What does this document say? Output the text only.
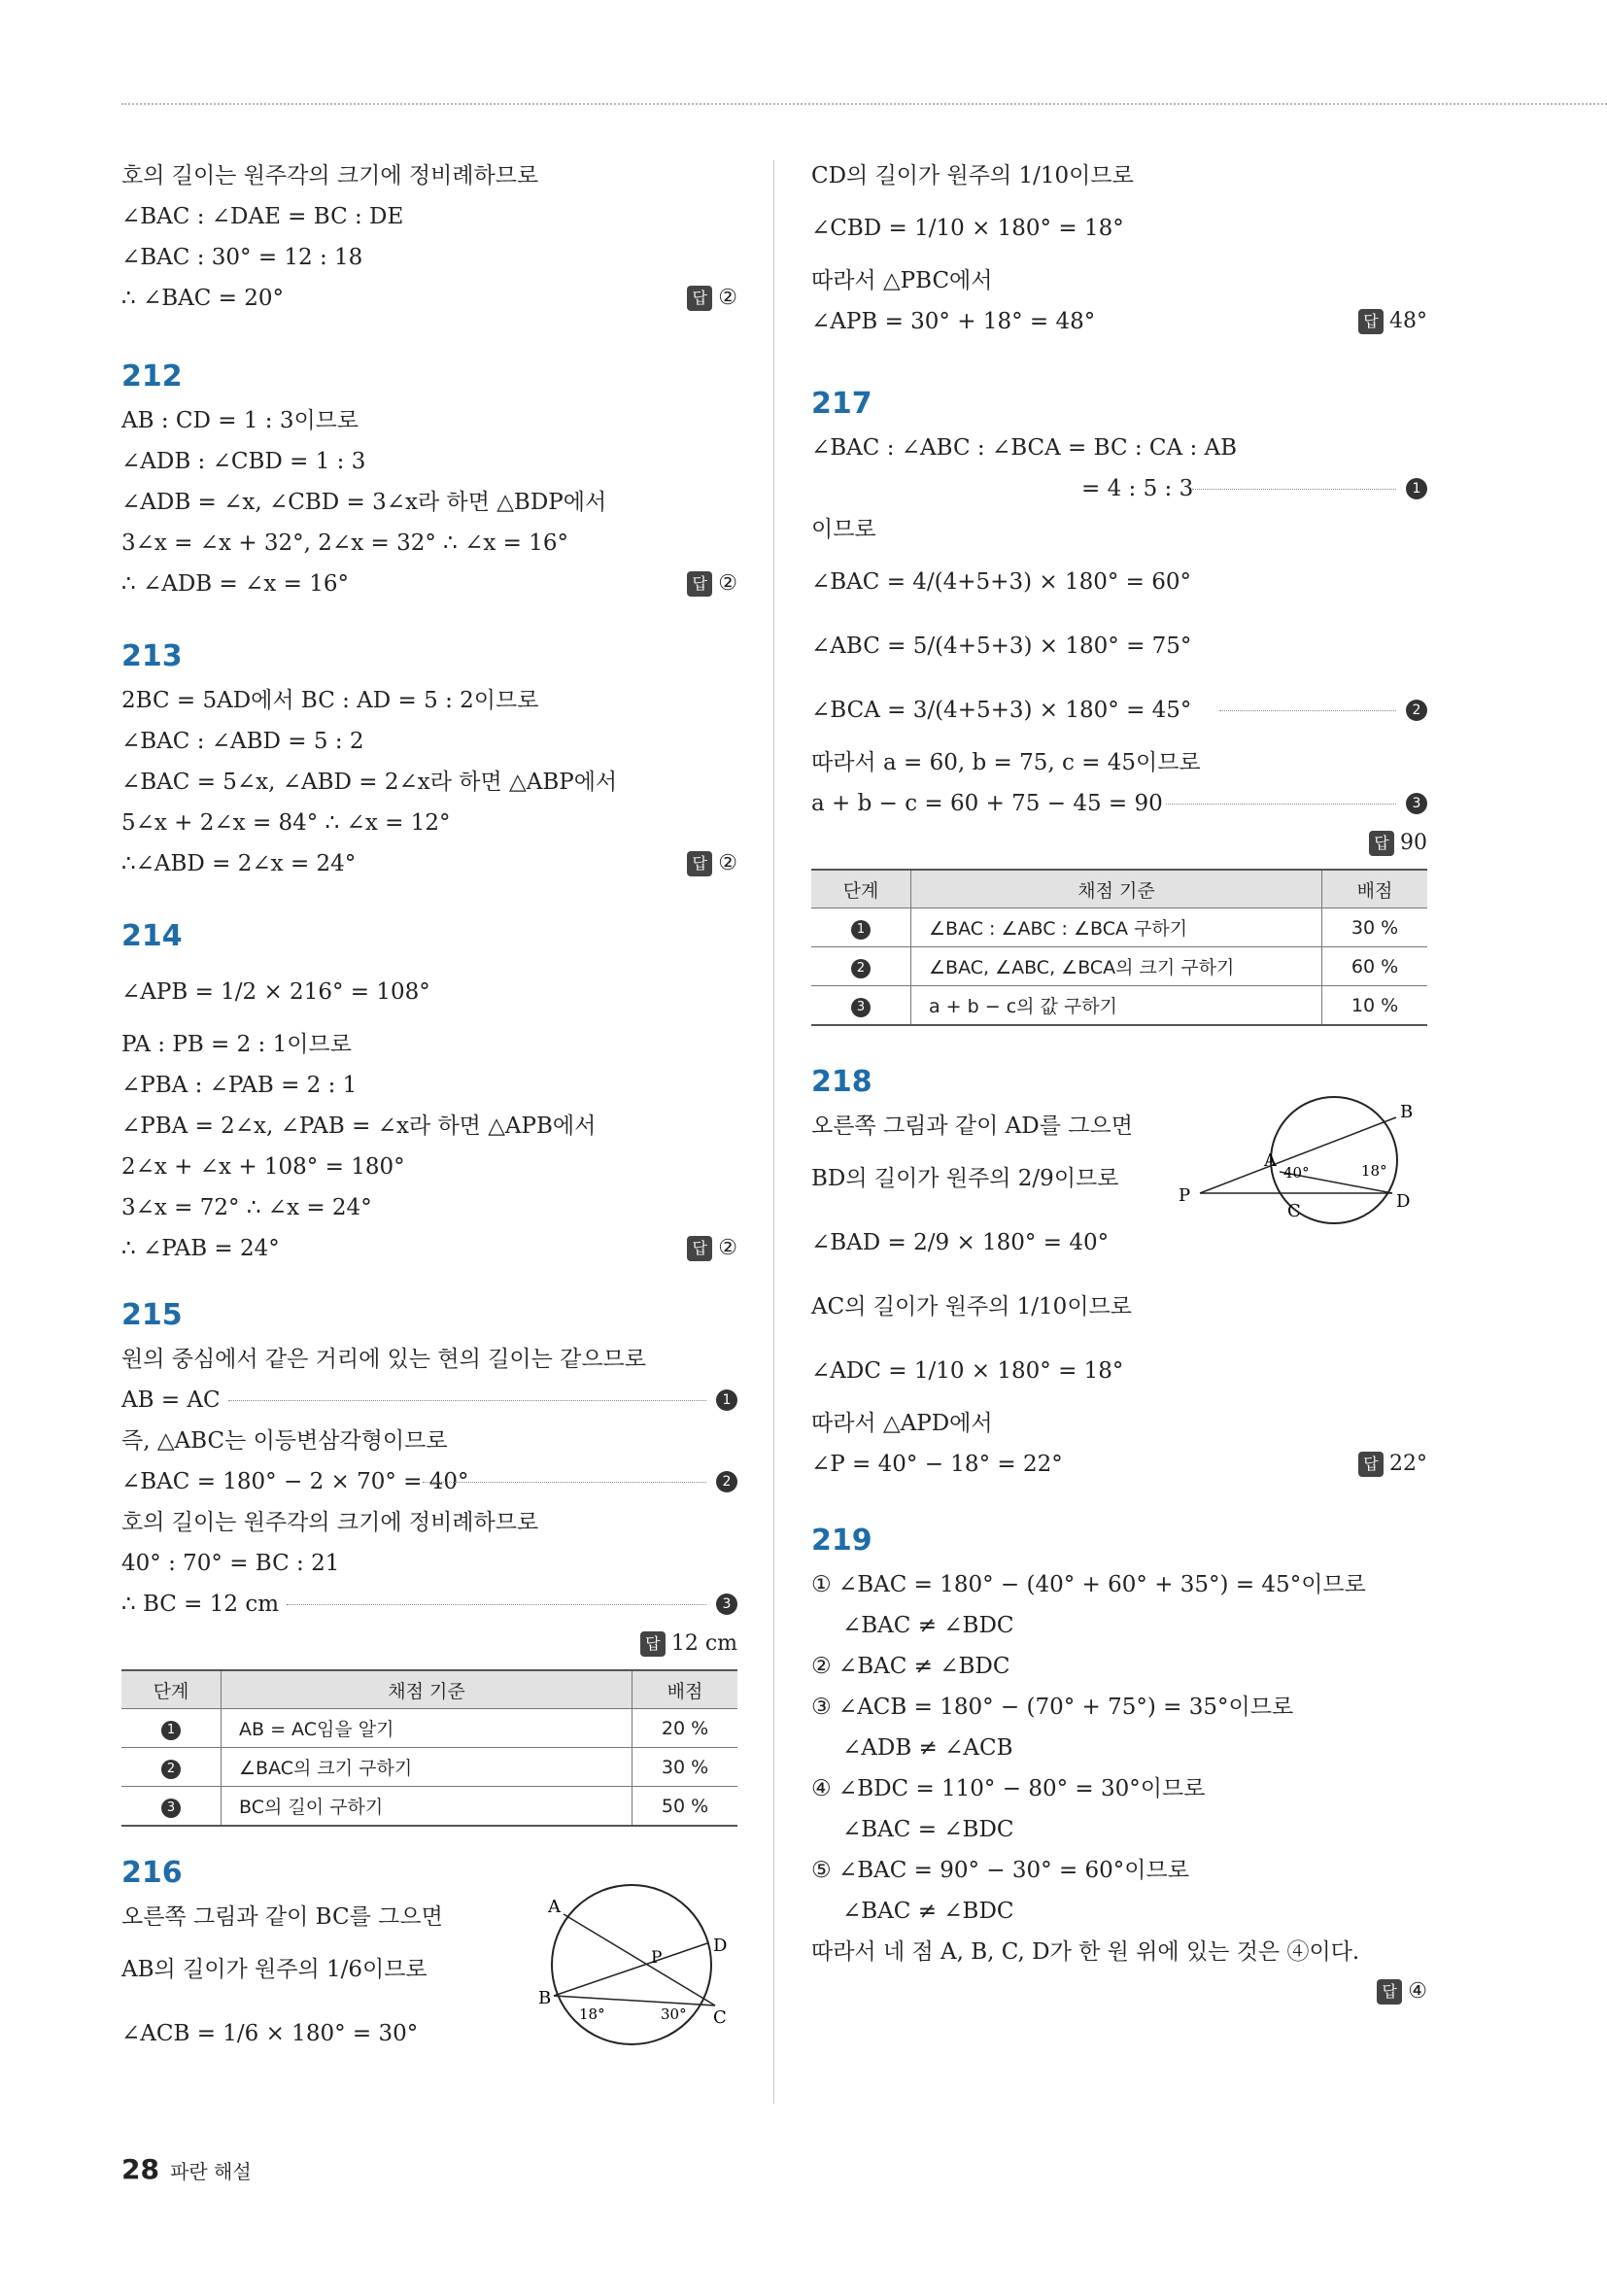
호의 길이는 원주각의 크기에 정비례하므로
∠BAC : ∠DAE = BC : DE
∠BAC : 30° = 12 : 18
∴ ∠BAC = 20°	답 ②
212
AB : CD = 1 : 3이므로
∠ADB : ∠CBD = 1 : 3
∠ADB = ∠x, ∠CBD = 3∠x라 하면 △BDP에서
3∠x = ∠x + 32°, 2∠x = 32° ∴ ∠x = 16°
∴ ∠ADB = ∠x = 16°	답 ②
213
2BC = 5AD에서 BC : AD = 5 : 2이므로
∠BAC : ∠ABD = 5 : 2
∠BAC = 5∠x, ∠ABD = 2∠x라 하면 △ABP에서
5∠x + 2∠x = 84° ∴ ∠x = 12°
∴∠ABD = 2∠x = 24°	답 ②
214
∠APB = 1/2 × 216° = 108°
PA : PB = 2 : 1이므로
∠PBA : ∠PAB = 2 : 1
∠PBA = 2∠x, ∠PAB = ∠x라 하면 △APB에서
2∠x + ∠x + 108° = 180°
3∠x = 72° ∴ ∠x = 24°
∴ ∠PAB = 24°	답 ②
215
원의 중심에서 같은 거리에 있는 현의 길이는 같으므로
AB = AC	1
즉, △ABC는 이등변삼각형이므로
∠BAC = 180° − 2 × 70° = 40°	2
호의 길이는 원주각의 크기에 정비례하므로
40° : 70° = BC : 21
∴ BC = 12 cm	3
답 12 cm
단계	채점 기준	배점
1	AB = AC임을 알기	20 %
2	∠BAC의 크기 구하기	30 %
3	BC의 길이 구하기	50 %
216
오른쪽 그림과 같이 BC를 그으면
AB의 길이가 원주의 1/6이므로
∠ACB = 1/6 × 180° = 30°
A
B
C
D
P
18°	30°
CD의 길이가 원주의 1/10이므로
∠CBD = 1/10 × 180° = 18°
따라서 △PBC에서
∠APB = 30° + 18° = 48°	답 48°
217
∠BAC : ∠ABC : ∠BCA = BC : CA : AB
= 4 : 5 : 3	1
이므로
∠BAC = 4/(4+5+3) × 180° = 60°
∠ABC = 5/(4+5+3) × 180° = 75°
∠BCA = 3/(4+5+3) × 180° = 45°	2
따라서 a = 60, b = 75, c = 45이므로
a + b − c = 60 + 75 − 45 = 90	3
답 90
단계	채점 기준	배점
1	∠BAC : ∠ABC : ∠BCA 구하기	30 %
2	∠BAC, ∠ABC, ∠BCA의 크기 구하기	60 %
3	a + b − c의 값 구하기	10 %
218
오른쪽 그림과 같이 AD를 그으면
BD의 길이가 원주의 2/9이므로
∠BAD = 2/9 × 180° = 40°
AC의 길이가 원주의 1/10이므로
∠ADC = 1/10 × 180° = 18°
따라서 △APD에서
∠P = 40° − 18° = 22°	답 22°
P
A
B
C	D
40°	18°
219
① ∠BAC = 180° − (40° + 60° + 35°) = 45°이므로
∠BAC ≠ ∠BDC
② ∠BAC ≠ ∠BDC
③ ∠ACB = 180° − (70° + 75°) = 35°이므로
∠ADB ≠ ∠ACB
④ ∠BDC = 110° − 80° = 30°이므로
∠BAC = ∠BDC
⑤ ∠BAC = 90° − 30° = 60°이므로
∠BAC ≠ ∠BDC
따라서 네 점 A, B, C, D가 한 원 위에 있는 것은 ④이다.
답 ④
28 파란 해설
